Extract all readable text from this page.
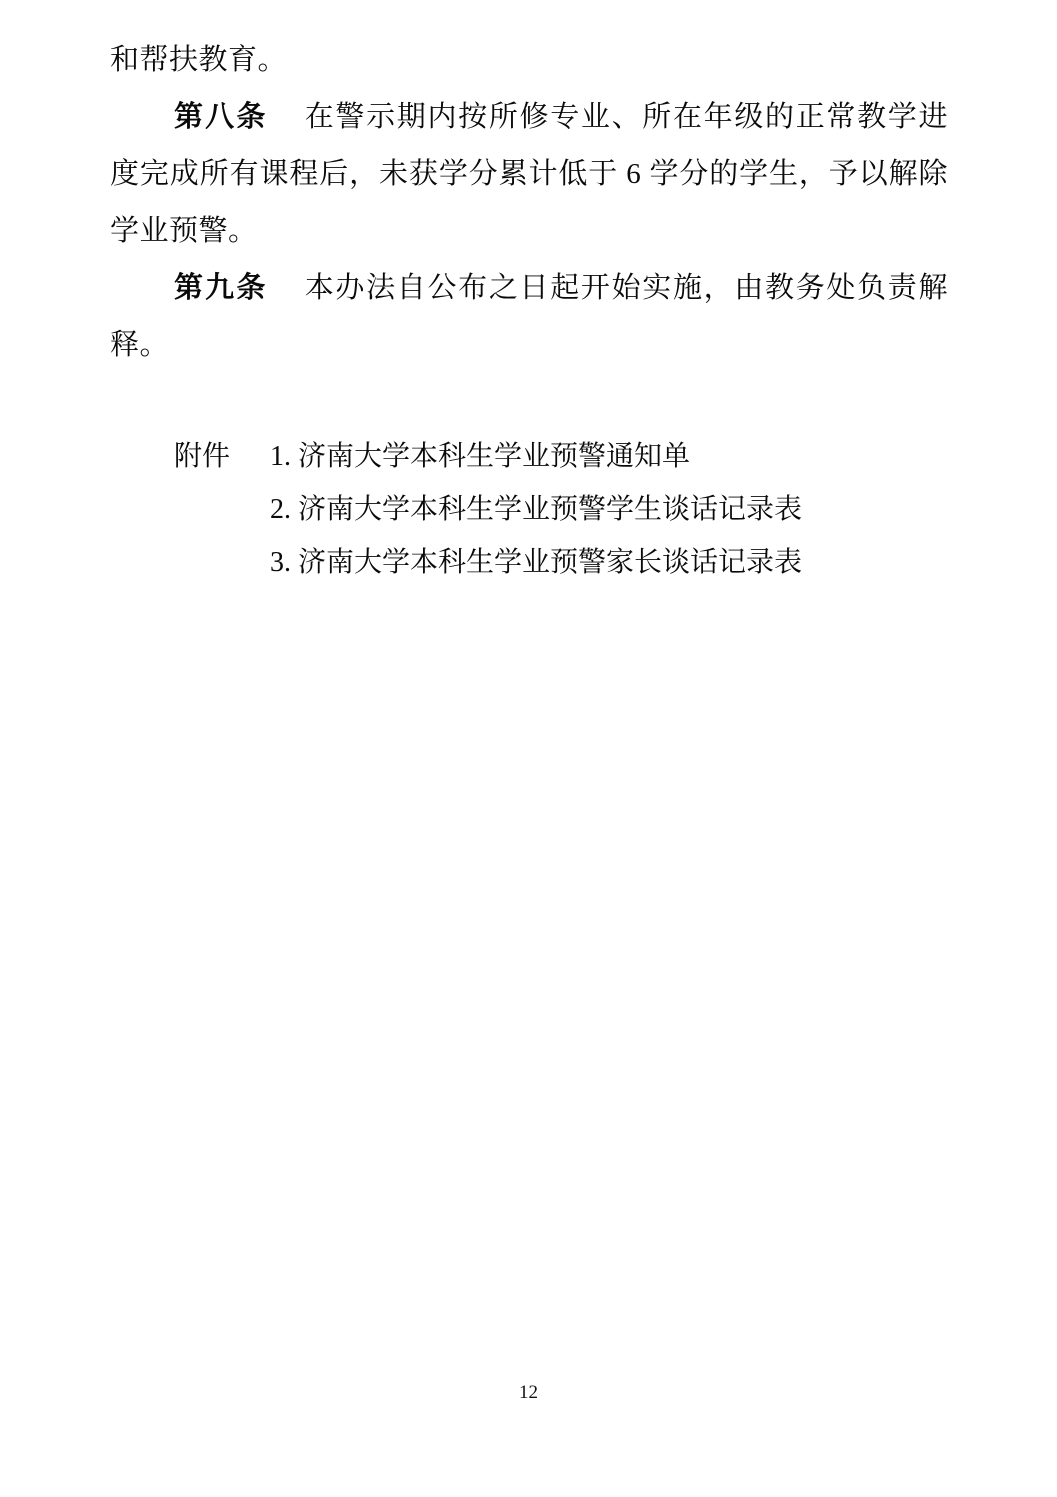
和帮扶教育。

第八条 在警示期内按所修专业、所在年级的正常教学进度完成所有课程后，未获学分累计低于 6 学分的学生，予以解除学业预警。

第九条 本办法自公布之日起开始实施，由教务处负责解释。

附件 1. 济南大学本科生学业预警通知单
2. 济南大学本科生学业预警学生谈话记录表
3. 济南大学本科生学业预警家长谈话记录表
12
